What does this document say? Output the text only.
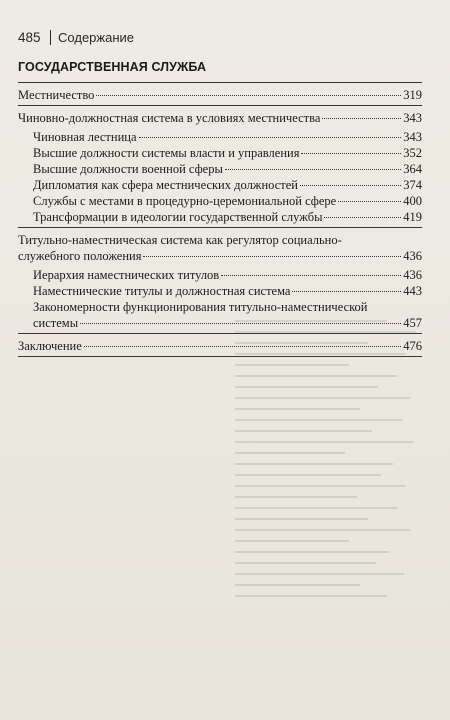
485 Содержание
ГОСУДАРСТВЕННАЯ СЛУЖБА
Местничество	319
Чиновно-должностная система в условиях местничества	343
Чиновная лестница	343
Высшие должности системы власти и управления	352
Высшие должности военной сферы	364
Дипломатия как сфера местнических должностей	374
Службы с местами в процедурно-церемониальной сфере	400
Трансформации в идеологии государственной службы	419
Титульно-наместническая система как регулятор социально-
служебного положения	436
Иерархия наместнических титулов	436
Наместнические титулы и должностная система	443
Закономерности функционирования титульно-наместнической
системы	457
Заключение	476
